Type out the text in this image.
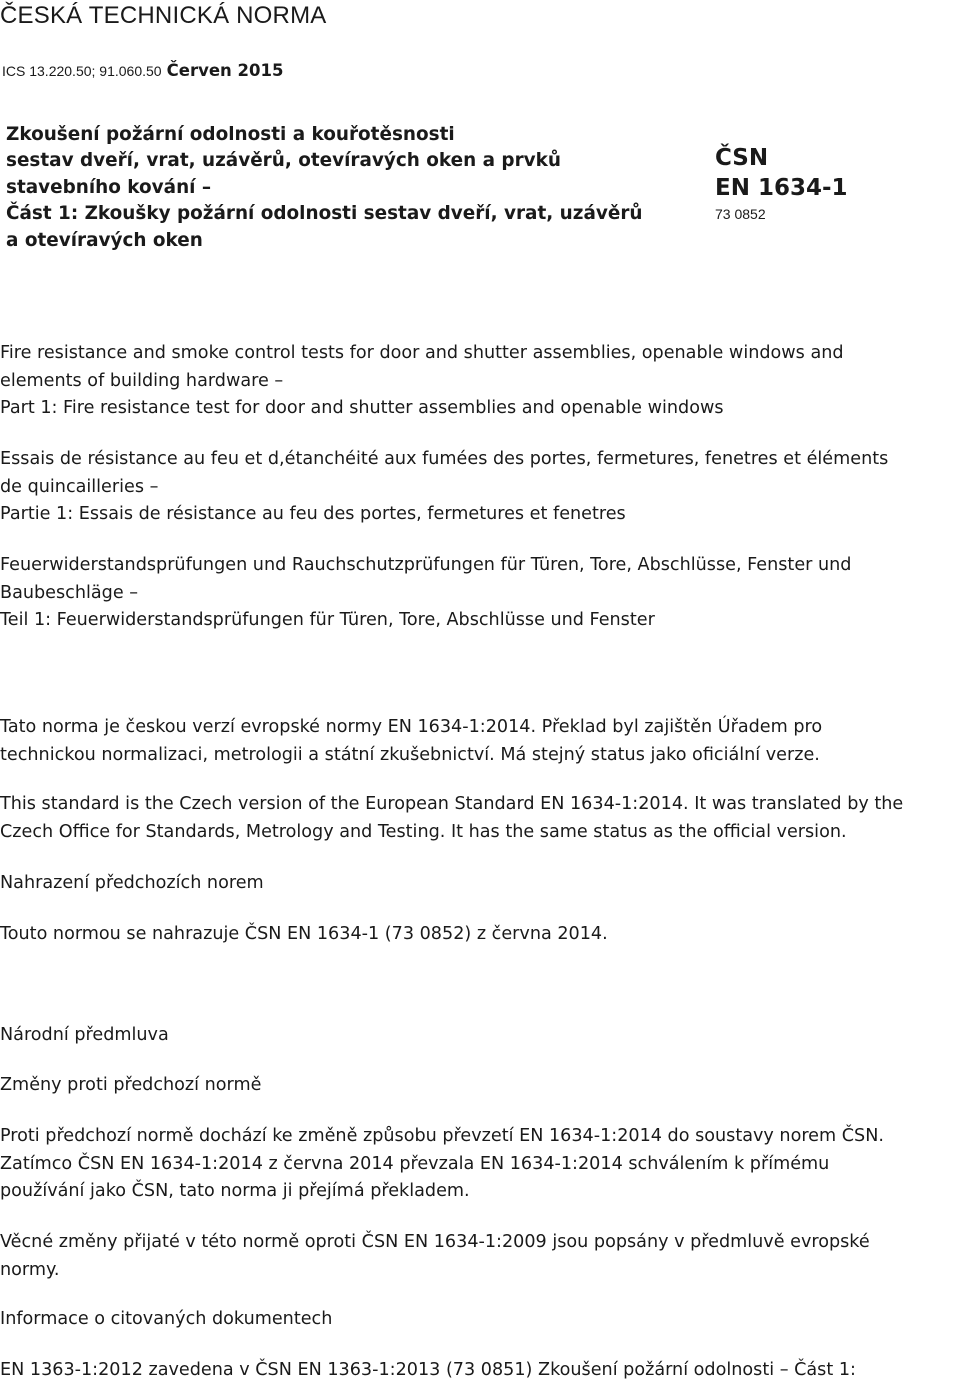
ČESKÁ TECHNICKÁ NORMA
ICS 13.220.50; 91.060.50 Červen 2015
Zkoušení požární odolnosti a kouřotěsnosti
sestav dveří, vrat, uzávěrů, otevíravých oken a prvků
stavebního kování –
Část 1: Zkoušky požární odolnosti sestav dveří, vrat, uzávěrů
a otevíravých oken
ČSN
EN 1634-1
73 0852
Fire resistance and smoke control tests for door and shutter assemblies, openable windows and
elements of building hardware –
Part 1: Fire resistance test for door and shutter assemblies and openable windows
Essais de résistance au feu et d,étanchéité aux fumées des portes, fermetures, fenetres et éléments
de quincailleries –
Partie 1: Essais de résistance au feu des portes, fermetures et fenetres
Feuerwiderstandsprüfungen und Rauchschutzprüfungen für Türen, Tore, Abschlüsse, Fenster und
Baubeschläge –
Teil 1: Feuerwiderstandsprüfungen für Türen, Tore, Abschlüsse und Fenster
Tato norma je českou verzí evropské normy EN 1634-1:2014. Překlad byl zajištěn Úřadem pro
technickou normalizaci, metrologii a státní zkušebnictví. Má stejný status jako oficiální verze.
This standard is the Czech version of the European Standard EN 1634-1:2014. It was translated by the
Czech Office for Standards, Metrology and Testing. It has the same status as the official version.
Nahrazení předchozích norem
Touto normou se nahrazuje ČSN EN 1634-1 (73 0852) z června 2014.
Národní předmluva
Změny proti předchozí normě
Proti předchozí normě dochází ke změně způsobu převzetí EN 1634-1:2014 do soustavy norem ČSN.
Zatímco ČSN EN 1634-1:2014 z června 2014 převzala EN 1634-1:2014 schválením k přímému
používání jako ČSN, tato norma ji přejímá překladem.
Věcné změny přijaté v této normě oproti ČSN EN 1634-1:2009 jsou popsány v předmluvě evropské
normy.
Informace o citovaných dokumentech
EN 1363-1:2012 zavedena v ČSN EN 1363-1:2013 (73 0851) Zkoušení požární odolnosti – Část 1:
